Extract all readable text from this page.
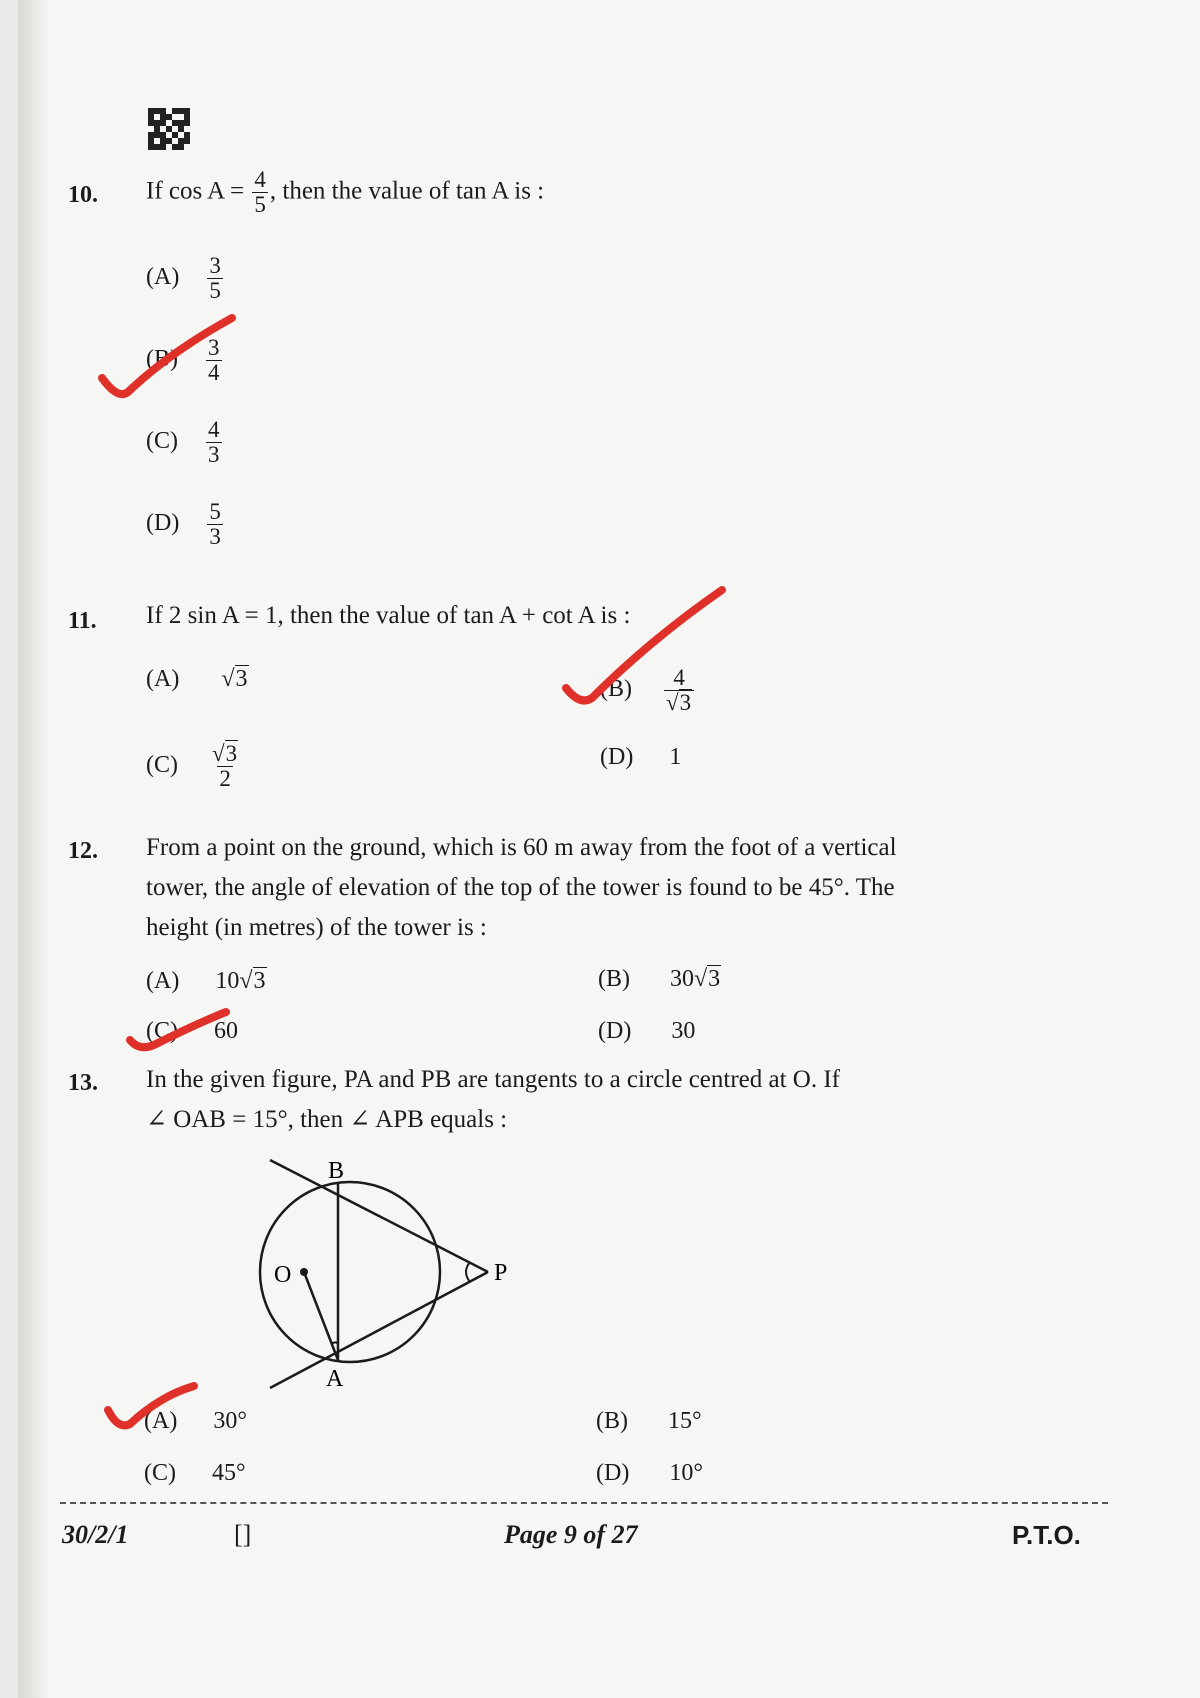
10. If $\cos A = \frac{4}{5}$ , then the value of tan A is :
$(A) \frac{3}{5}$
$(B) \frac{3}{4}$
$(C) \frac{4}{3}$
$(D) \frac{5}{3}$
11. If 2 sin A = 1, then the value of tan A + cot A is :
(A) √3	$(B) \frac{4}{√3}$
$(C) \frac{√3}{2}$	(D) 1
12. From a point on the ground, which is 60 m away from the foot of a vertical
tower, the angle of elevation of the top of the tower is found to be 45°. The
height (in metres) of the tower is :
(A) 10√3	(B) 30√3
(C) 60	(D) 30
13. In the given figure, PA and PB are tangents to a circle centred at O. If
∠ OAB = 15°, then ∠ APB equals :
B
O	P
A
(A) 30°	(B) 15°
(C) 45°	(D) 10°
30/2/1	[]	Page 9 of 27	P.T.O.
